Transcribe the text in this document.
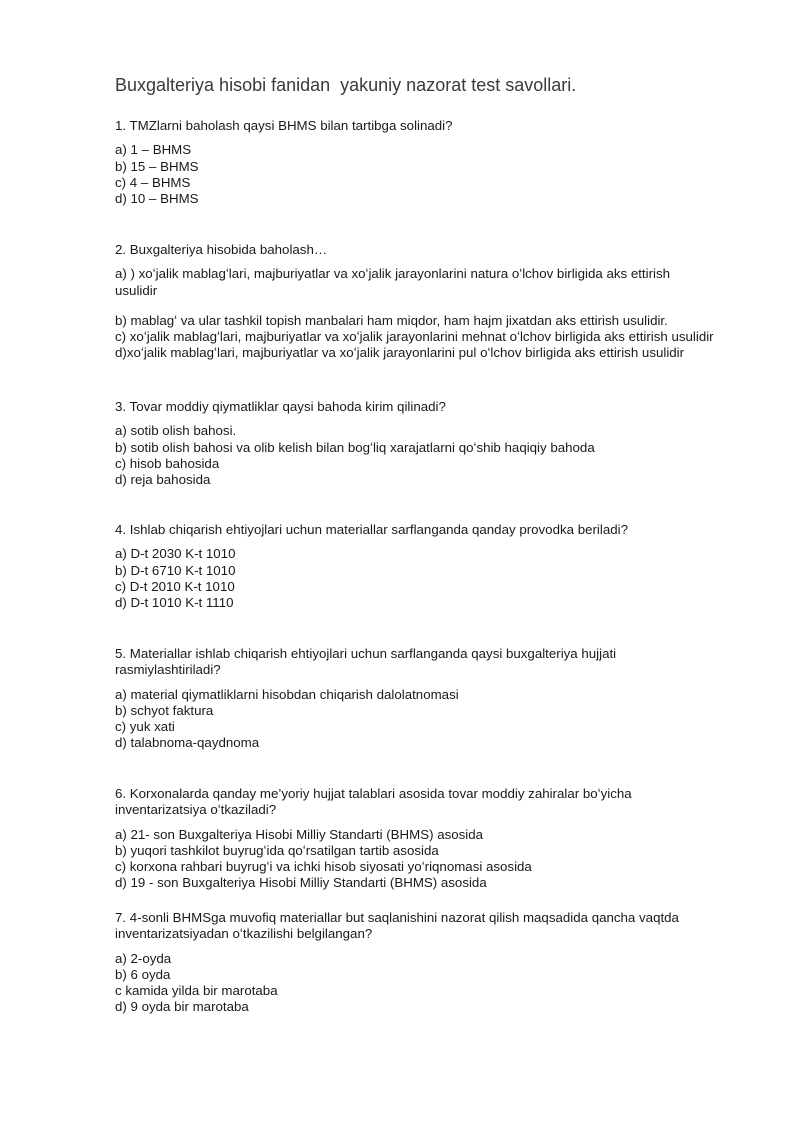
Buxgalteriya hisobi fanidan  yakuniy nazorat test savollari.

1. TMZlarni baholash qaysi BHMS bilan tartibga solinadi?

a) 1 – BHMS

b) 15 – BHMS

c) 4 – BHMS

d) 10 – BHMS

2. Buxgalteriya hisobida baholash…

a) ) xoʻjalik mablagʻlari, majburiyatlar va xoʻjalik jarayonlarini natura oʻlchov birligida aks ettirish usulidir

b) mablagʻ va ular tashkil topish manbalari ham miqdor, ham hajm jixatdan aks ettirish usulidir.

c) xoʻjalik mablagʻlari, majburiyatlar va xoʻjalik jarayonlarini mehnat oʻlchov birligida aks ettirish usulidir

d)xoʻjalik mablagʻlari, majburiyatlar va xoʻjalik jarayonlarini pul oʻlchov birligida aks ettirish usulidir

3. Tovar moddiy qiymatliklar qaysi bahoda kirim qilinadi?

a) sotib olish bahosi.

b) sotib olish bahosi va olib kelish bilan bogʻliq xarajatlarni qoʻshib haqiqiy bahoda

c) hisob bahosida

d) reja bahosida

4. Ishlab chiqarish ehtiyojlari uchun materiallar sarflanganda qanday provodka beriladi?

a) D-t 2030 K-t 1010

b) D-t 6710 K-t 1010

c) D-t 2010 K-t 1010

d) D-t 1010 K-t 1110

5. Materiallar ishlab chiqarish ehtiyojlari uchun sarflanganda qaysi buxgalteriya hujjati rasmiylashtiriladi?

a) material qiymatliklarni hisobdan chiqarish dalolatnomasi

b) schyot faktura

c) yuk xati

d) talabnoma-qaydnoma

6. Korxonalarda qanday me’yoriy hujjat talablari asosida tovar moddiy zahiralar boʻyicha inventarizatsiya oʻtkaziladi?

a) 21- son Buxgalteriya Hisobi Milliy Standarti (BHMS) asosida

b) yuqori tashkilot buyrugʻida qoʻrsatilgan tartib asosida

c) korxona rahbari buyrugʻi va ichki hisob siyosati yoʻriqnomasi asosida

d) 19 - son Buxgalteriya Hisobi Milliy Standarti (BHMS) asosida

7. 4-sonli BHMSga muvofiq materiallar but saqlanishini nazorat qilish maqsadida qancha vaqtda inventarizatsiyadan oʻtkazilishi belgilangan?

a) 2-oyda

b) 6 oyda

c kamida yilda bir marotaba

d) 9 oyda bir marotaba
